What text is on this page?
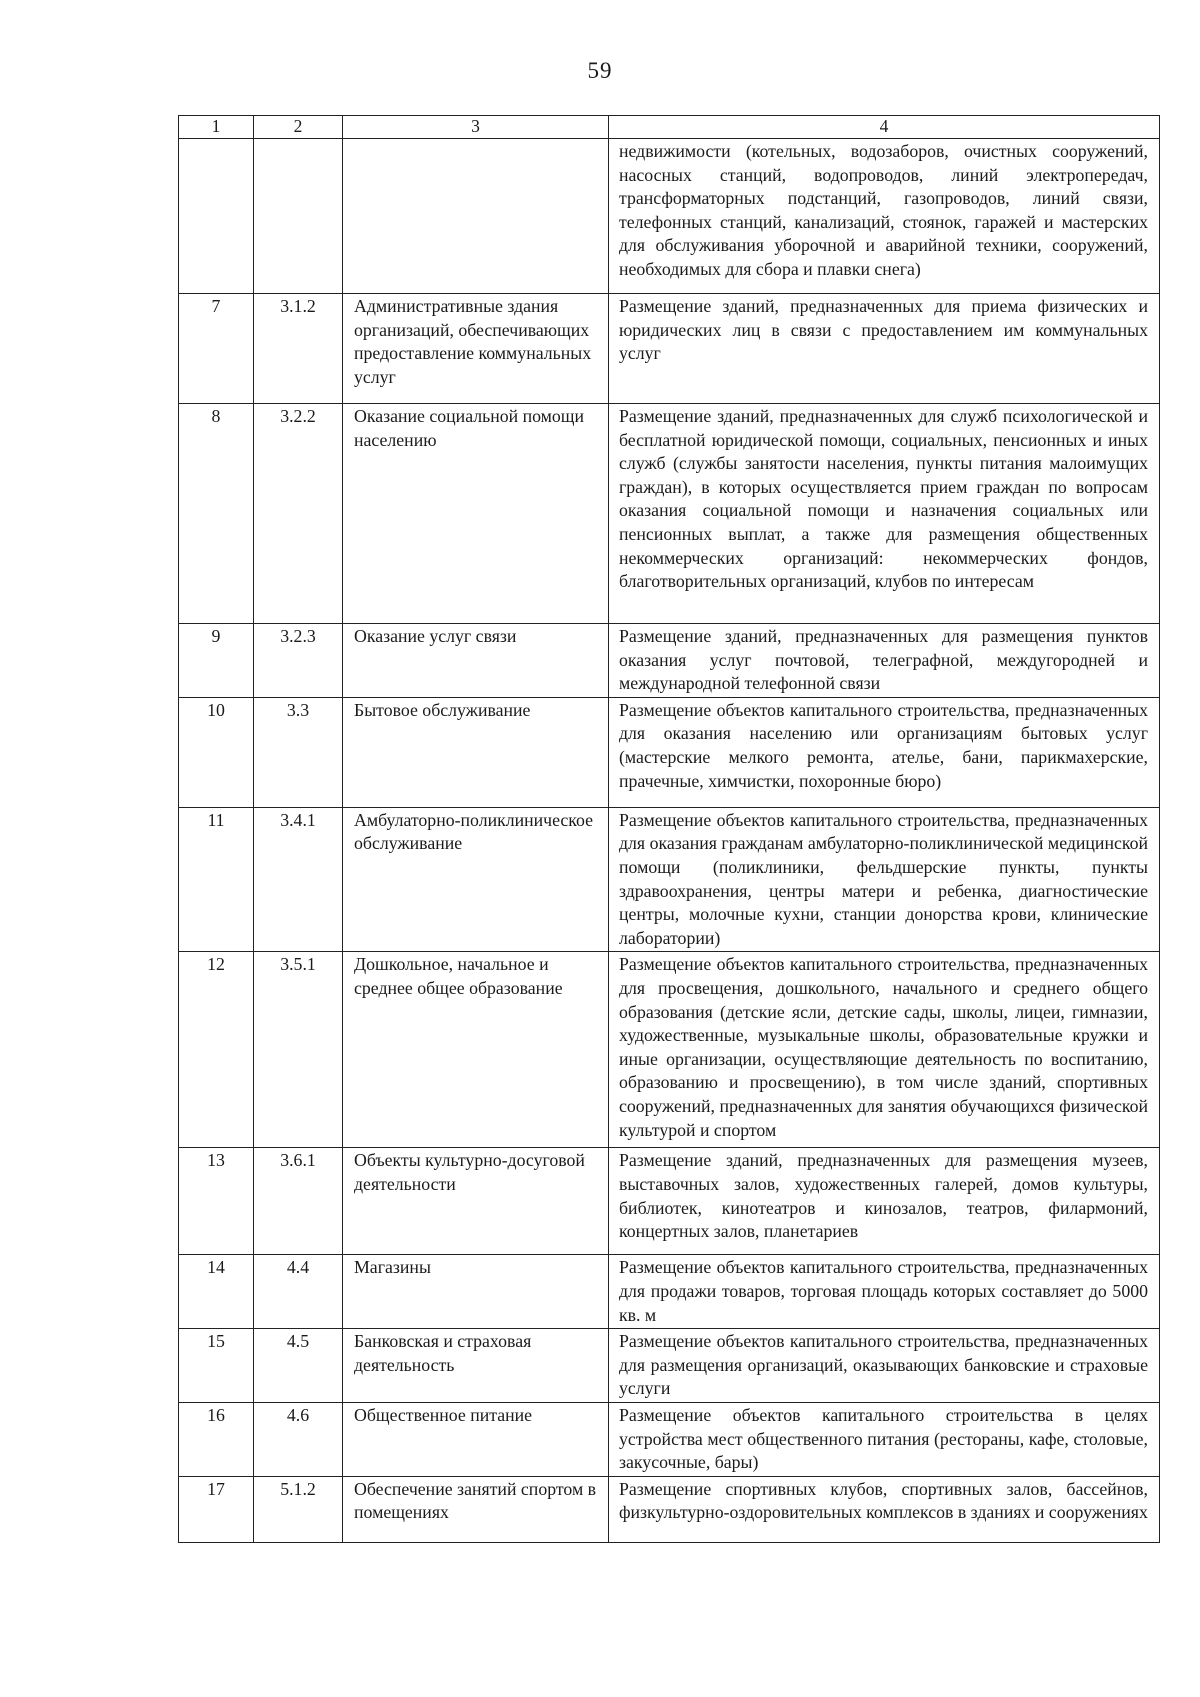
59
1	2	3	4
			недвижимости (котельных, водозаборов, очистных сооружений, насосных станций, водопроводов, линий электропередач, трансформаторных подстанций, газопроводов, линий связи, телефонных станций, канализаций, стоянок, гаражей и мастерских для обслуживания уборочной и аварийной техники, сооружений, необходимых для сбора и плавки снега)
7	3.1.2	Административные здания организаций, обеспечивающих предоставление коммунальных услуг	Размещение зданий, предназначенных для приема физических и юридических лиц в связи с предоставлением им коммунальных услуг
8	3.2.2	Оказание социальной помощи населению	Размещение зданий, предназначенных для служб психологической и бесплатной юридической помощи, социальных, пенсионных и иных служб (службы занятости населения, пункты питания малоимущих граждан), в которых осуществляется прием граждан по вопросам оказания социальной помощи и назначения социальных или пенсионных выплат, а также для размещения общественных некоммерческих организаций: некоммерческих фондов, благотворительных организаций, клубов по интересам
9	3.2.3	Оказание услуг связи	Размещение зданий, предназначенных для размещения пунктов оказания услуг почтовой, телеграфной, междугородней и международной телефонной связи
10	3.3	Бытовое обслуживание	Размещение объектов капитального строительства, предназначенных для оказания населению или организациям бытовых услуг (мастерские мелкого ремонта, ателье, бани, парикмахерские, прачечные, химчистки, похоронные бюро)
11	3.4.1	Амбулаторно-поликлиническое обслуживание	Размещение объектов капитального строительства, предназначенных для оказания гражданам амбулаторно-поликлинической медицинской помощи (поликлиники, фельдшерские пункты, пункты здравоохранения, центры матери и ребенка, диагностические центры, молочные кухни, станции донорства крови, клинические лаборатории)
12	3.5.1	Дошкольное, начальное и среднее общее образование	Размещение объектов капитального строительства, предназначенных для просвещения, дошкольного, начального и среднего общего образования (детские ясли, детские сады, школы, лицеи, гимназии, художественные, музыкальные школы, образовательные кружки и иные организации, осуществляющие деятельность по воспитанию, образованию и просвещению), в том числе зданий, спортивных сооружений, предназначенных для занятия обучающихся физической культурой и спортом
13	3.6.1	Объекты культурно-досуговой деятельности	Размещение зданий, предназначенных для размещения музеев, выставочных залов, художественных галерей, домов культуры, библиотек, кинотеатров и кинозалов, театров, филармоний, концертных залов, планетариев
14	4.4	Магазины	Размещение объектов капитального строительства, предназначенных для продажи товаров, торговая площадь которых составляет до 5000 кв. м
15	4.5	Банковская и страховая деятельность	Размещение объектов капитального строительства, предназначенных для размещения организаций, оказывающих банковские и страховые услуги
16	4.6	Общественное питание	Размещение объектов капитального строительства в целях устройства мест общественного питания (рестораны, кафе, столовые, закусочные, бары)
17	5.1.2	Обеспечение занятий спортом в помещениях	Размещение спортивных клубов, спортивных залов, бассейнов, физкультурно-оздоровительных комплексов в зданиях и сооружениях
